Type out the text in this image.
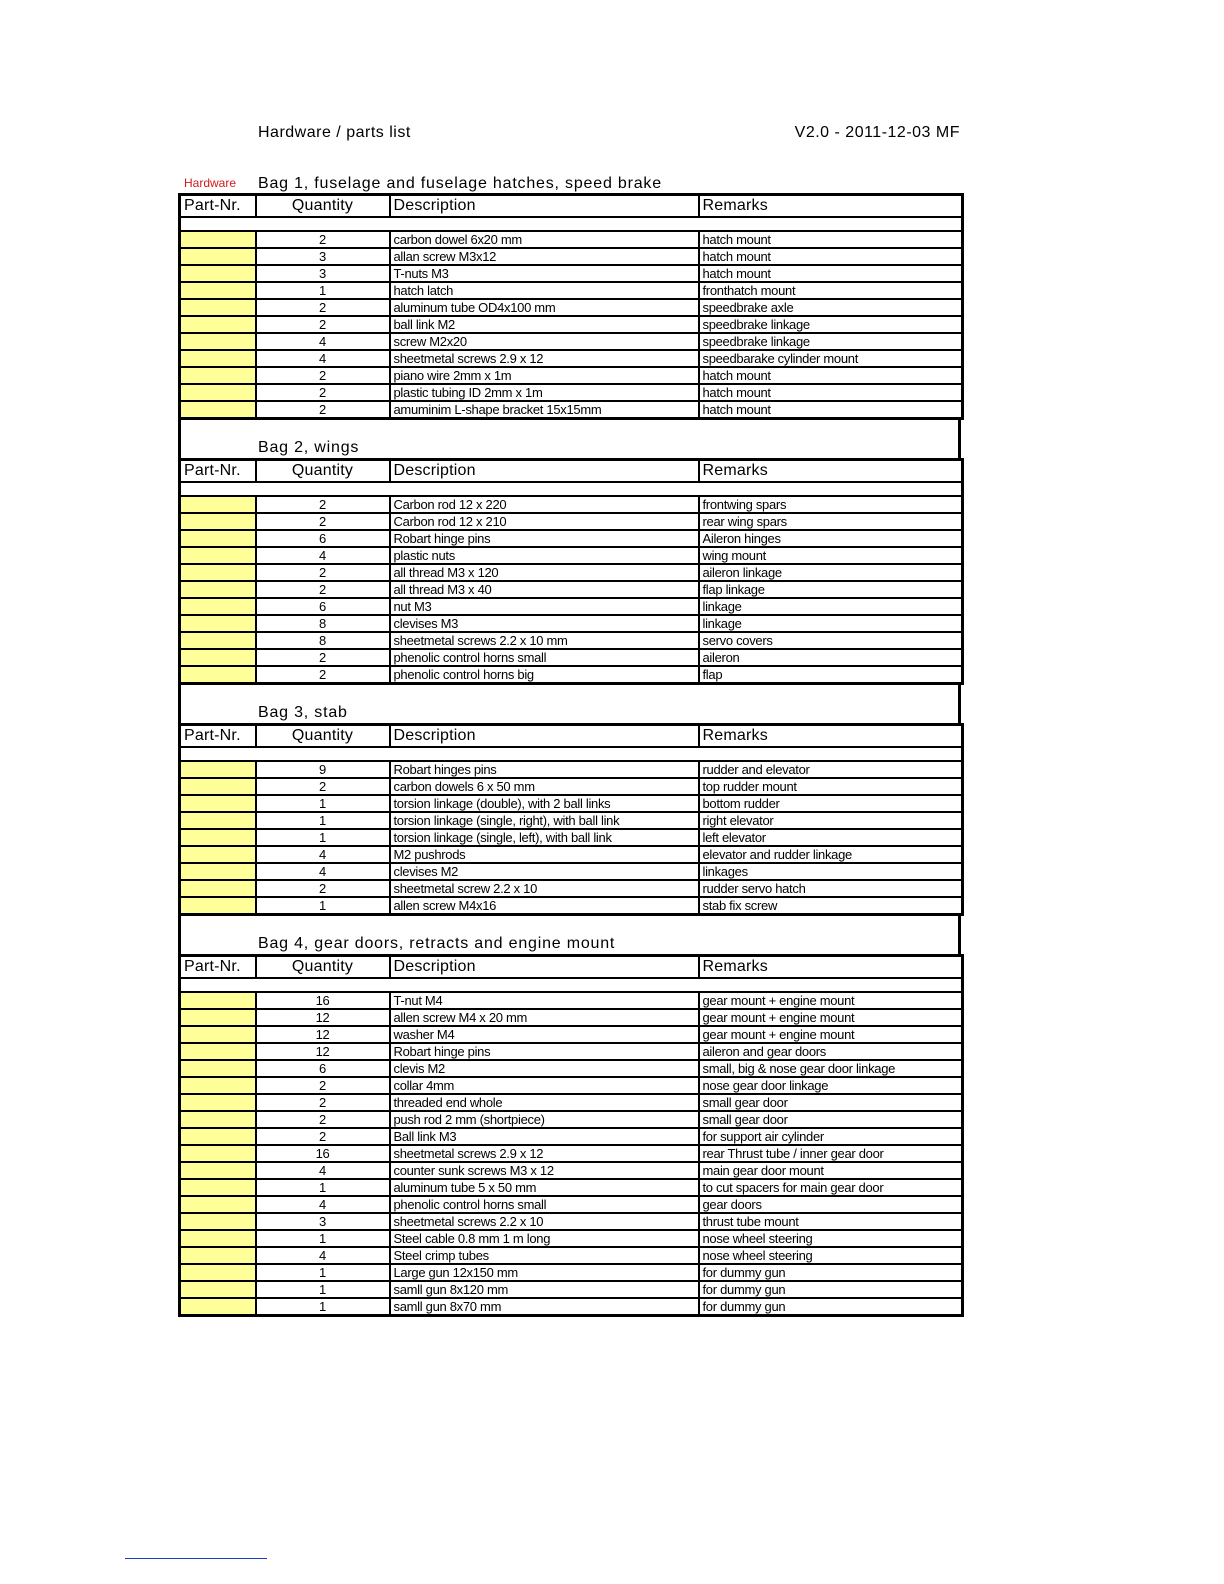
Hardware / parts list	V2.0 - 2011-12-03 MF
Hardware	Bag 1, fuselage and fuselage hatches, speed brake
Part-Nr.	Quantity	Description	Remarks

	2	carbon dowel 6x20 mm	hatch mount
	3	allan screw M3x12	hatch mount
	3	T-nuts M3	hatch mount
	1	hatch latch	fronthatch mount
	2	aluminum tube OD4x100 mm	speedbrake axle
	2	ball link M2	speedbrake linkage
	4	screw M2x20	speedbrake linkage
	4	sheetmetal screws 2.9 x 12	speedbarake cylinder mount
	2	piano wire 2mm x 1m	hatch mount
	2	plastic tubing ID 2mm x 1m	hatch mount
	2	amuminim L-shape bracket 15x15mm	hatch mount
Bag 2, wings
Part-Nr.	Quantity	Description	Remarks

	2	Carbon rod 12 x 220	frontwing spars
	2	Carbon rod 12 x 210	rear wing spars
	6	Robart hinge pins	Aileron hinges
	4	plastic nuts	wing mount
	2	all thread M3 x 120	aileron linkage
	2	all thread M3 x 40	flap linkage
	6	nut M3	linkage
	8	clevises M3	linkage
	8	sheetmetal screws 2.2 x 10 mm	servo covers
	2	phenolic control horns small	aileron
	2	phenolic control horns big	flap
Bag 3, stab
Part-Nr.	Quantity	Description	Remarks

	9	Robart hinges pins	rudder and elevator
	2	carbon dowels 6 x 50 mm	top rudder mount
	1	torsion linkage (double), with 2 ball links	bottom rudder
	1	torsion linkage (single, right), with ball link	right elevator
	1	torsion linkage (single, left), with ball link	left elevator
	4	M2 pushrods	elevator and rudder linkage
	4	clevises M2	linkages
	2	sheetmetal screw 2.2 x 10	rudder servo hatch
	1	allen screw M4x16	stab fix screw
Bag 4, gear doors, retracts and engine mount
Part-Nr.	Quantity	Description	Remarks

	16	T-nut M4	gear mount + engine mount
	12	allen screw M4 x 20 mm	gear mount + engine mount
	12	washer M4	gear mount + engine mount
	12	Robart hinge pins	aileron and gear doors
	6	clevis M2	small, big & nose gear door linkage
	2	collar 4mm	nose gear door linkage
	2	threaded end whole	small gear door
	2	push rod 2 mm (shortpiece)	small gear door
	2	Ball link M3	for support air cylinder
	16	sheetmetal screws 2.9 x 12	rear Thrust tube / inner gear door
	4	counter sunk screws M3 x 12	main gear door mount
	1	aluminum tube 5 x 50 mm	to cut spacers for main gear door
	4	phenolic control horns small	gear doors
	3	sheetmetal screws 2.2 x 10	thrust tube mount
	1	Steel cable 0.8 mm 1 m long	nose wheel steering
	4	Steel crimp tubes	nose wheel steering
	1	Large gun 12x150 mm	for dummy gun
	1	samll gun 8x120 mm	for dummy gun
	1	samll gun 8x70 mm	for dummy gun
